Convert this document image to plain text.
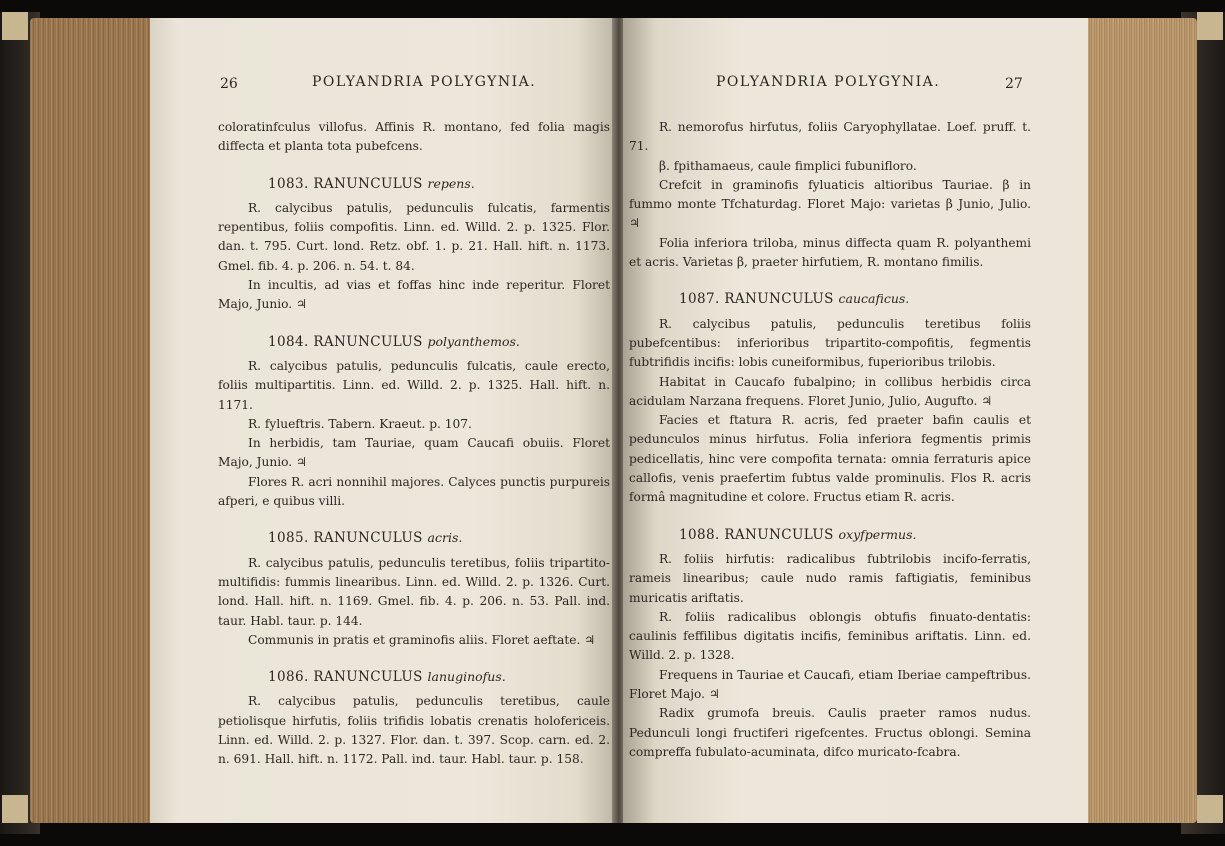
26	POLYANDRIA POLYGYNIA.

coloratinfculus villofus. Affinis R. montano, fed folia magis diffecta et planta tota pubefcens.

1083. RANUNCULUS repens.

R. calycibus patulis, pedunculis fulcatis, farmentis repentibus, foliis compofitis. Linn. ed. Willd. 2. p. 1325. Flor. dan. t. 795. Curt. lond. Retz. obf. 1. p. 21. Hall. hift. n. 1173. Gmel. fib. 4. p. 206. n. 54. t. 84.

In incultis, ad vias et foffas hinc inde reperitur. Floret Majo, Junio. ♃

1084. RANUNCULUS polyanthemos.

R. calycibus patulis, pedunculis fulcatis, caule erecto, foliis multipartitis. Linn. ed. Willd. 2. p. 1325. Hall. hift. n. 1171.

R. fylueftris. Tabern. Kraeut. p. 107.

In herbidis, tam Tauriae, quam Caucafi obuiis. Floret Majo, Junio. ♃

Flores R. acri nonnihil majores. Calyces punctis purpureis afperi, e quibus villi.

1085. RANUNCULUS acris.

R. calycibus patulis, pedunculis teretibus, foliis tripartito-multifidis: fummis linearibus. Linn. ed. Willd. 2. p. 1326. Curt. lond. Hall. hift. n. 1169. Gmel. fib. 4. p. 206. n. 53. Pall. ind. taur. Habl. taur. p. 144.

Communis in pratis et graminofis aliis. Floret aeftate. ♃

1086. RANUNCULUS lanuginofus.

R. calycibus patulis, pedunculis teretibus, caule petiolisque hirfutis, foliis trifidis lobatis crenatis holofericeis. Linn. ed. Willd. 2. p. 1327. Flor. dan. t. 397. Scop. carn. ed. 2. n. 691. Hall. hift. n. 1172. Pall. ind. taur. Habl. taur. p. 158.

POLYANDRIA POLYGYNIA.	27

R. nemorofus hirfutus, foliis Caryophyllatae. Loef. pruff. t. 71.

β. fpithamaeus, caule fimplici fubunifloro.

Crefcit in graminofis fyluaticis altioribus Tauriae. β in fummo monte Tfchaturdag. Floret Majo: varietas β Junio, Julio. ♃

Folia inferiora triloba, minus diffecta quam R. polyanthemi et acris. Varietas β, praeter hirfutiem, R. montano fimilis.

1087. RANUNCULUS caucaficus.

R. calycibus patulis, pedunculis teretibus foliis pubefcentibus: inferioribus tripartito-compofitis, fegmentis fubtrifidis incifis: lobis cuneiformibus, fuperioribus trilobis.

Habitat in Caucafo fubalpino; in collibus herbidis circa acidulam Narzana frequens. Floret Junio, Julio, Augufto. ♃

Facies et ftatura R. acris, fed praeter bafin caulis et pedunculos minus hirfutus. Folia inferiora fegmentis primis pedicellatis, hinc vere compofita ternata: omnia ferraturis apice callofis, venis praefertim fubtus valde prominulis. Flos R. acris formâ magnitudine et colore. Fructus etiam R. acris.

1088. RANUNCULUS oxyfpermus.

R. foliis hirfutis: radicalibus fubtrilobis incifo-ferratis, rameis linearibus; caule nudo ramis faftigiatis, feminibus muricatis ariftatis.

R. foliis radicalibus oblongis obtufis finuato-dentatis: caulinis feffilibus digitatis incifis, feminibus ariftatis. Linn. ed. Willd. 2. p. 1328.

Frequens in Tauriae et Caucafi, etiam Iberiae campeftribus. Floret Majo. ♃

Radix grumofa breuis. Caulis praeter ramos nudus. Pedunculi longi fructiferi rigefcentes. Fructus oblongi. Semina compreffa fubulato-acuminata, difco muricato-fcabra.
